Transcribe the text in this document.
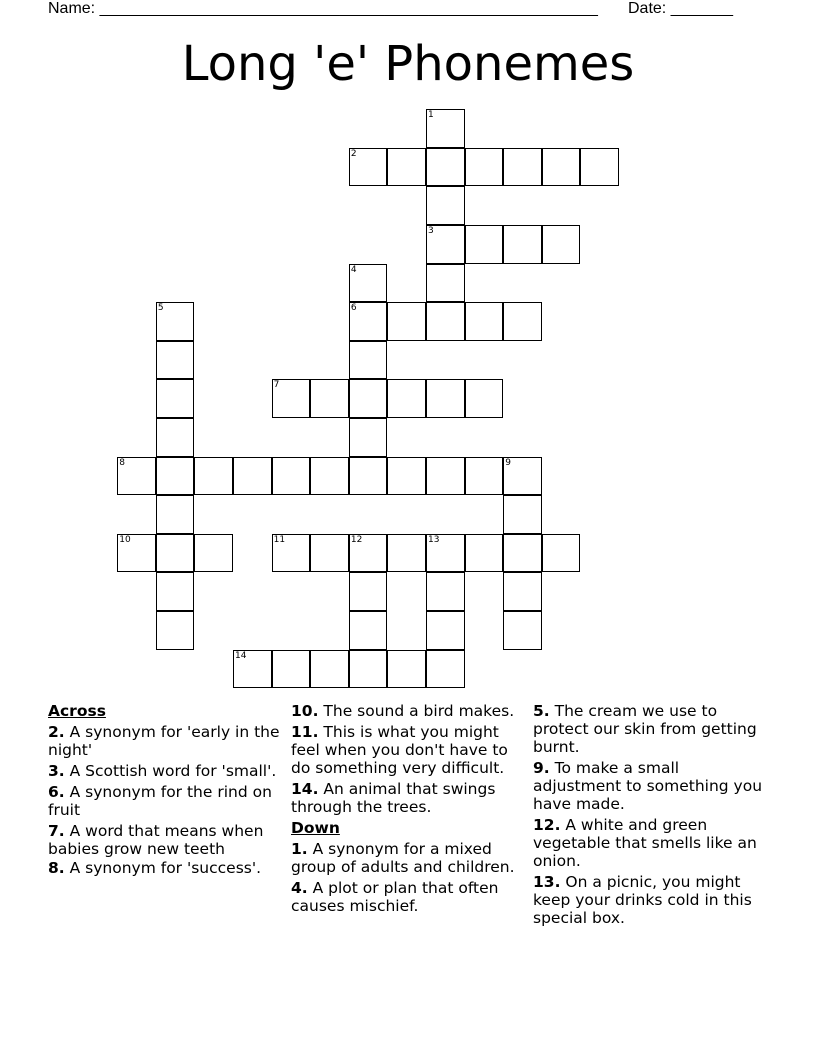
Name: ________________________________________________________ Date: _______
Long 'e' Phonemes
1
3
2
4
6
5
7
8	9
10	11	12	13
14
Across
2. A synonym for 'early in the night'
3. A Scottish word for 'small'.
6. A synonym for the rind on fruit
7. A word that means when babies grow new teeth
8. A synonym for 'success'.
10. The sound a bird makes.
11. This is what you might feel when you don't have to do something very difficult.
14. An animal that swings through the trees.
Down
1. A synonym for a mixed group of adults and children.
4. A plot or plan that often causes mischief.
5. The cream we use to protect our skin from getting burnt.
9. To make a small adjustment to something you have made.
12. A white and green vegetable that smells like an onion.
13. On a picnic, you might keep your drinks cold in this special box.
